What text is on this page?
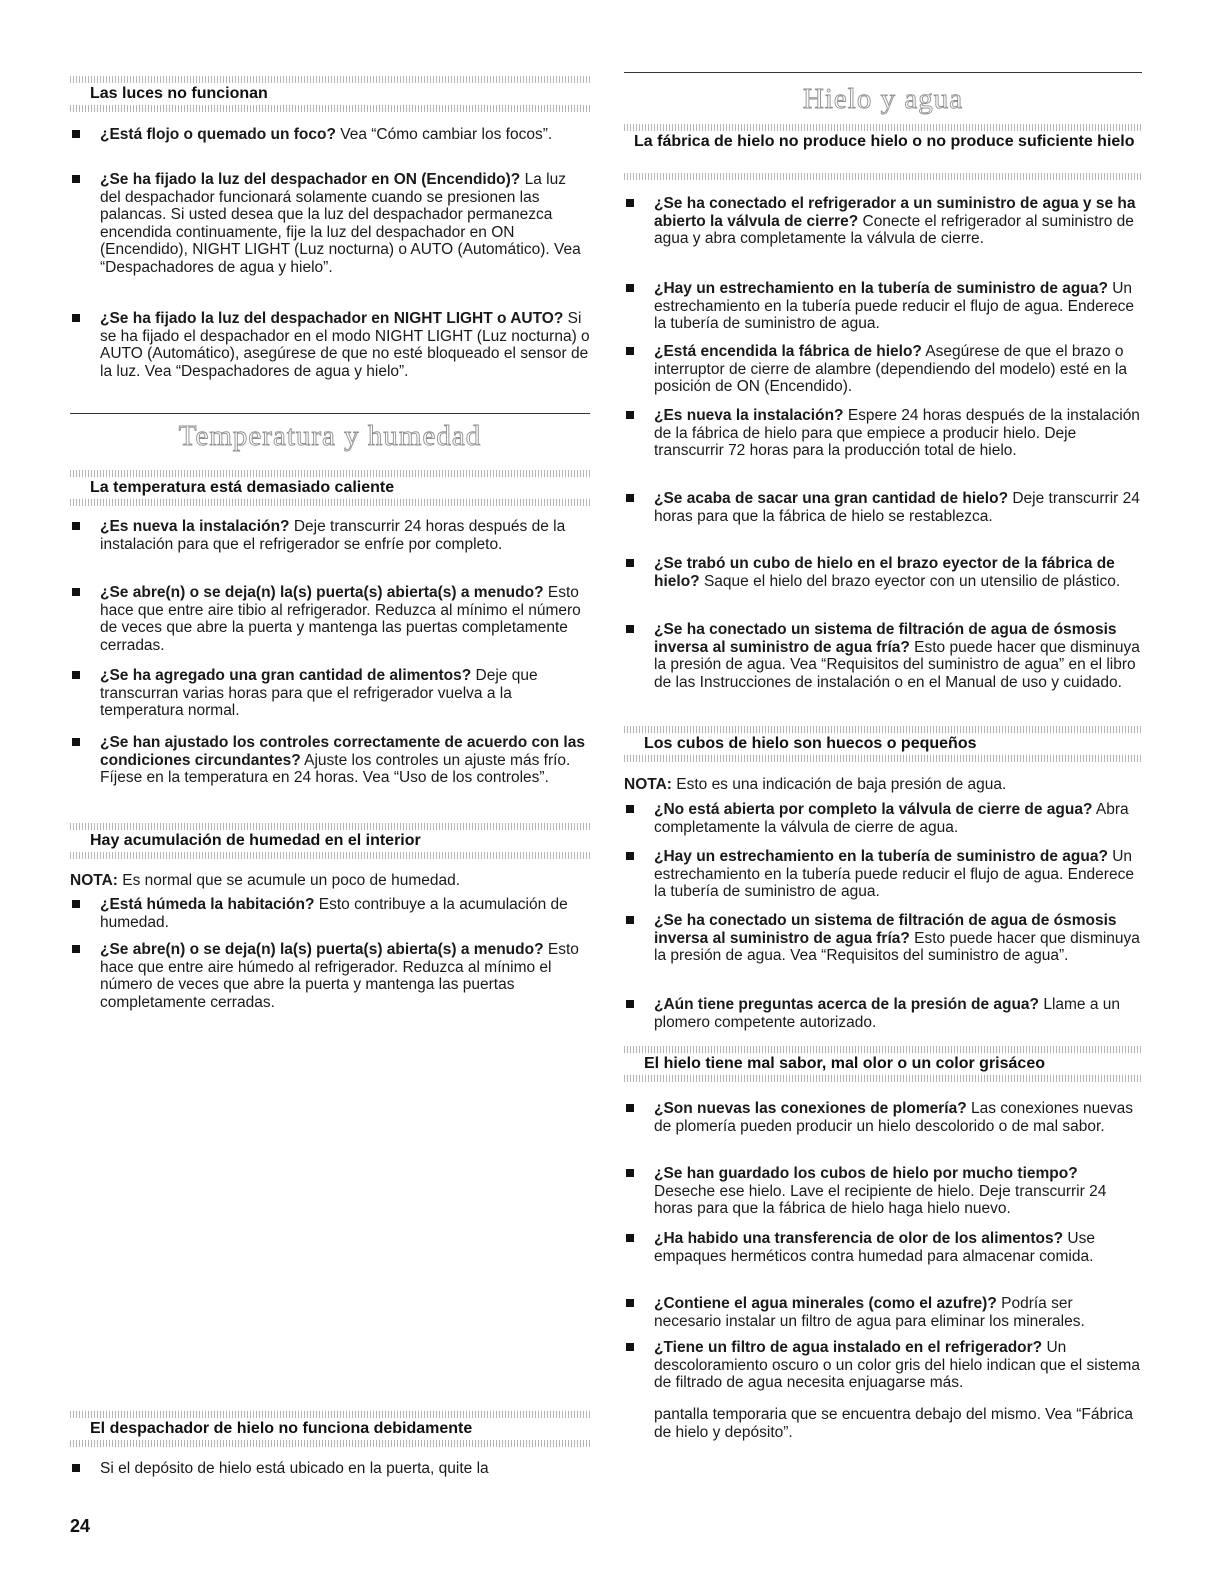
Las luces no funcionan
¿Está flojo o quemado un foco? Vea “Cómo cambiar los focos”.
¿Se ha fijado la luz del despachador en ON (Encendido)? La luz del despachador funcionará solamente cuando se presionen las palancas. Si usted desea que la luz del despachador permanezca encendida continuamente, fije la luz del despachador en ON (Encendido), NIGHT LIGHT (Luz nocturna) o AUTO (Automático). Vea “Despachadores de agua y hielo”.
¿Se ha fijado la luz del despachador en NIGHT LIGHT o AUTO? Si se ha fijado el despachador en el modo NIGHT LIGHT (Luz nocturna) o AUTO (Automático), asegúrese de que no esté bloqueado el sensor de la luz. Vea “Despachadores de agua y hielo”.
Temperatura y humedad
La temperatura está demasiado caliente
¿Es nueva la instalación? Deje transcurrir 24 horas después de la instalación para que el refrigerador se enfríe por completo.
¿Se abre(n) o se deja(n) la(s) puerta(s) abierta(s) a menudo? Esto hace que entre aire tibio al refrigerador. Reduzca al mínimo el número de veces que abre la puerta y mantenga las puertas completamente cerradas.
¿Se ha agregado una gran cantidad de alimentos? Deje que transcurran varias horas para que el refrigerador vuelva a la temperatura normal.
¿Se han ajustado los controles correctamente de acuerdo con las condiciones circundantes? Ajuste los controles un ajuste más frío. Fíjese en la temperatura en 24 horas. Vea “Uso de los controles”.
Hay acumulación de humedad en el interior
NOTA: Es normal que se acumule un poco de humedad.
¿Está húmeda la habitación? Esto contribuye a la acumulación de humedad.
¿Se abre(n) o se deja(n) la(s) puerta(s) abierta(s) a menudo? Esto hace que entre aire húmedo al refrigerador. Reduzca al mínimo el número de veces que abre la puerta y mantenga las puertas completamente cerradas.
El despachador de hielo no funciona debidamente
Si el depósito de hielo está ubicado en la puerta, quite la
Hielo y agua
La fábrica de hielo no produce hielo o no produce suficiente hielo
¿Se ha conectado el refrigerador a un suministro de agua y se ha abierto la válvula de cierre? Conecte el refrigerador al suministro de agua y abra completamente la válvula de cierre.
¿Hay un estrechamiento en la tubería de suministro de agua? Un estrechamiento en la tubería puede reducir el flujo de agua. Enderece la tubería de suministro de agua.
¿Está encendida la fábrica de hielo? Asegúrese de que el brazo o interruptor de cierre de alambre (dependiendo del modelo) esté en la posición de ON (Encendido).
¿Es nueva la instalación? Espere 24 horas después de la instalación de la fábrica de hielo para que empiece a producir hielo. Deje transcurrir 72 horas para la producción total de hielo.
¿Se acaba de sacar una gran cantidad de hielo? Deje transcurrir 24 horas para que la fábrica de hielo se restablezca.
¿Se trabó un cubo de hielo en el brazo eyector de la fábrica de hielo? Saque el hielo del brazo eyector con un utensilio de plástico.
¿Se ha conectado un sistema de filtración de agua de ósmosis inversa al suministro de agua fría? Esto puede hacer que disminuya la presión de agua. Vea “Requisitos del suministro de agua” en el libro de las Instrucciones de instalación o en el Manual de uso y cuidado.
Los cubos de hielo son huecos o pequeños
NOTA: Esto es una indicación de baja presión de agua.
¿No está abierta por completo la válvula de cierre de agua? Abra completamente la válvula de cierre de agua.
¿Hay un estrechamiento en la tubería de suministro de agua? Un estrechamiento en la tubería puede reducir el flujo de agua. Enderece la tubería de suministro de agua.
¿Se ha conectado un sistema de filtración de agua de ósmosis inversa al suministro de agua fría? Esto puede hacer que disminuya la presión de agua. Vea “Requisitos del suministro de agua”.
¿Aún tiene preguntas acerca de la presión de agua? Llame a un plomero competente autorizado.
El hielo tiene mal sabor, mal olor o un color grisáceo
¿Son nuevas las conexiones de plomería? Las conexiones nuevas de plomería pueden producir un hielo descolorido o de mal sabor.
¿Se han guardado los cubos de hielo por mucho tiempo? Deseche ese hielo. Lave el recipiente de hielo. Deje transcurrir 24 horas para que la fábrica de hielo haga hielo nuevo.
¿Ha habido una transferencia de olor de los alimentos? Use empaques herméticos contra humedad para almacenar comida.
¿Contiene el agua minerales (como el azufre)? Podría ser necesario instalar un filtro de agua para eliminar los minerales.
¿Tiene un filtro de agua instalado en el refrigerador? Un descoloramiento oscuro o un color gris del hielo indican que el sistema de filtrado de agua necesita enjuagarse más.
pantalla temporaria que se encuentra debajo del mismo. Vea “Fábrica de hielo y depósito”.
24
